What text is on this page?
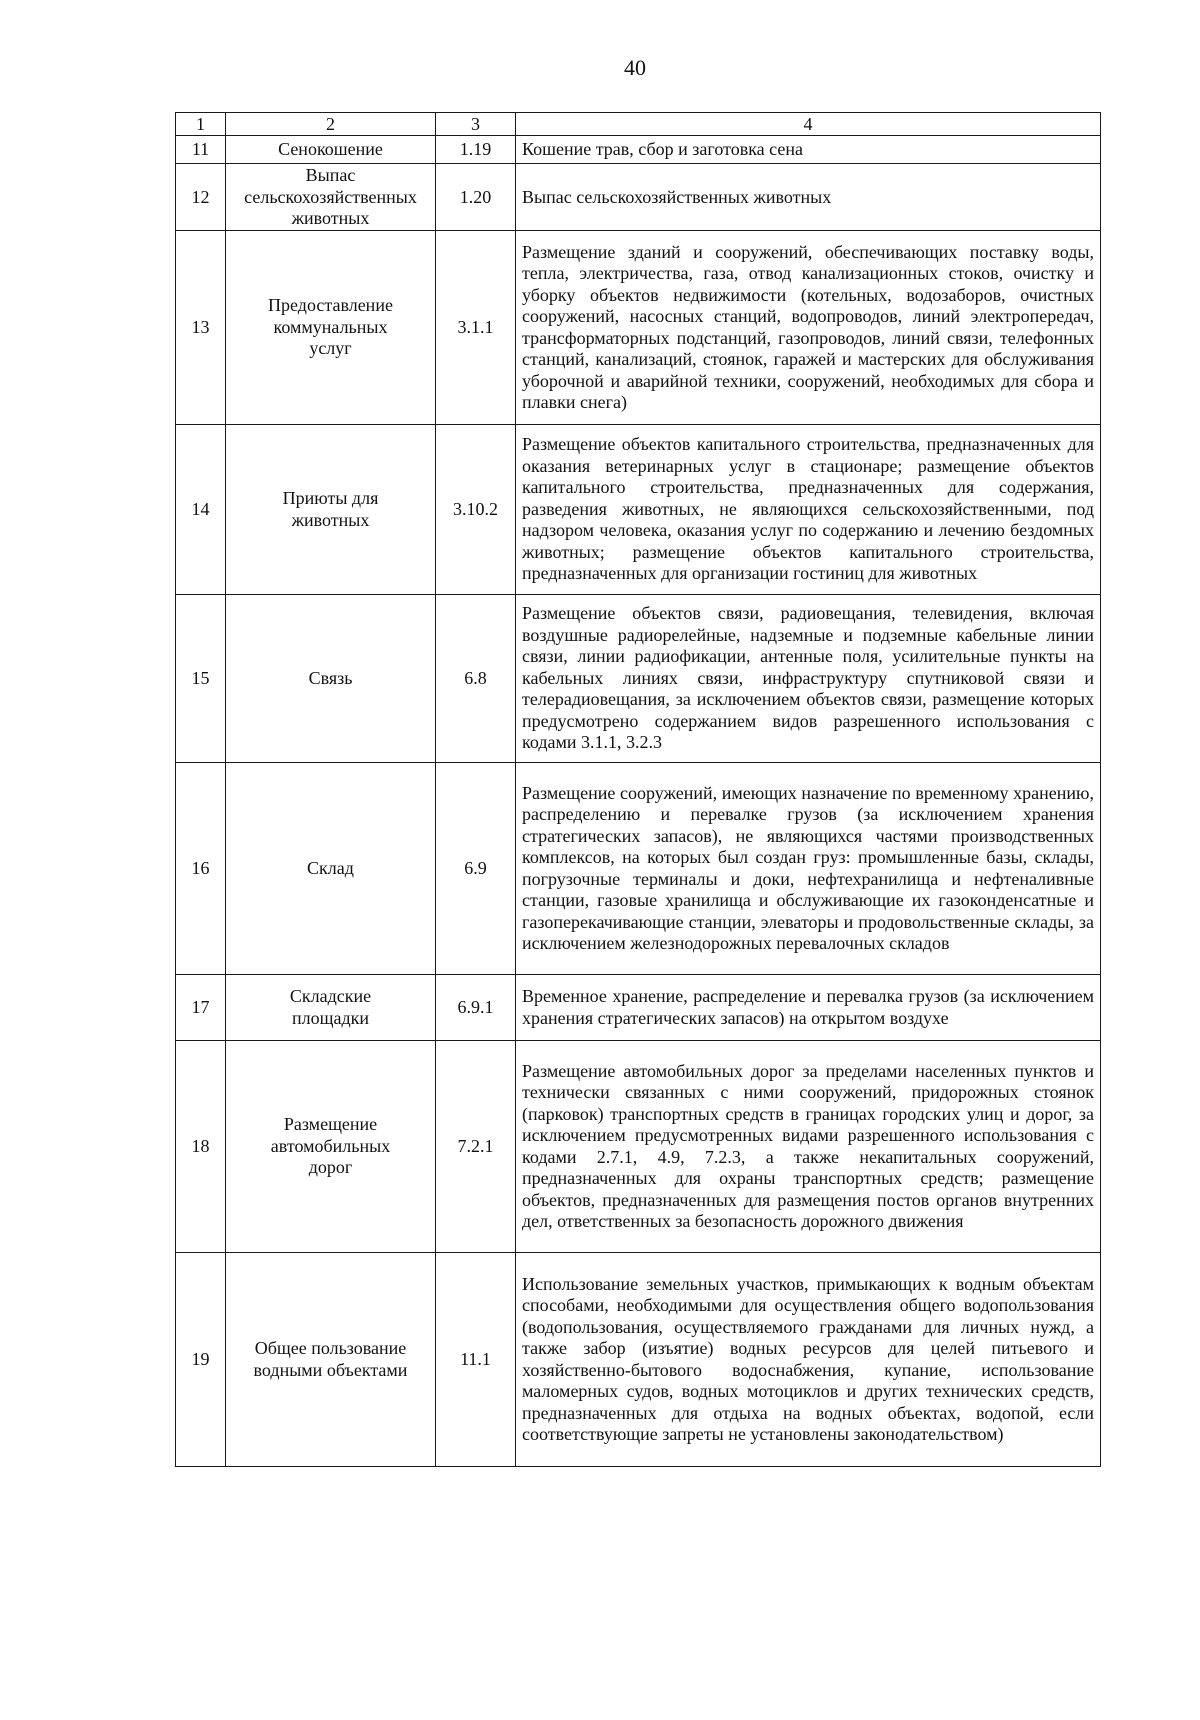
40
1	2	3	4
11	Сенокошение	1.19	Кошение трав, сбор и заготовка сена
12	Выпас сельскохозяйственных животных	1.20	Выпас сельскохозяйственных животных
13	Предоставление коммунальных услуг	3.1.1	Размещение зданий и сооружений, обеспечивающих поставку воды, тепла, электричества, газа, отвод канализационных стоков, очистку и уборку объектов недвижимости (котельных, водозаборов, очистных сооружений, насосных станций, водопроводов, линий электропередач, трансформаторных подстанций, газопроводов, линий связи, телефонных станций, канализаций, стоянок, гаражей и мастерских для обслуживания уборочной и аварийной техники, сооружений, необходимых для сбора и плавки снега)
14	Приюты для животных	3.10.2	Размещение объектов капитального строительства, предназначенных для оказания ветеринарных услуг в стационаре; размещение объектов капитального строительства, предназначенных для содержания, разведения животных, не являющихся сельскохозяйственными, под надзором человека, оказания услуг по содержанию и лечению бездомных животных; размещение объектов капитального строительства, предназначенных для организации гостиниц для животных
15	Связь	6.8	Размещение объектов связи, радиовещания, телевидения, включая воздушные радиорелейные, надземные и подземные кабельные линии связи, линии радиофикации, антенные поля, усилительные пункты на кабельных линиях связи, инфраструктуру спутниковой связи и телерадиовещания, за исключением объектов связи, размещение которых предусмотрено содержанием видов разрешенного использования с кодами 3.1.1, 3.2.3
16	Склад	6.9	Размещение сооружений, имеющих назначение по временному хранению, распределению и перевалке грузов (за исключением хранения стратегических запасов), не являющихся частями производственных комплексов, на которых был создан груз: промышленные базы, склады, погрузочные терминалы и доки, нефтехранилища и нефтеналивные станции, газовые хранилища и обслуживающие их газоконденсатные и газоперекачивающие станции, элеваторы и продовольственные склады, за исключением железнодорожных перевалочных складов
17	Складские площадки	6.9.1	Временное хранение, распределение и перевалка грузов (за исключением хранения стратегических запасов) на открытом воздухе
18	Размещение автомобильных дорог	7.2.1	Размещение автомобильных дорог за пределами населенных пунктов и технически связанных с ними сооружений, придорожных стоянок (парковок) транспортных средств в границах городских улиц и дорог, за исключением предусмотренных видами разрешенного использования с кодами 2.7.1, 4.9, 7.2.3, а также некапитальных сооружений, предназначенных для охраны транспортных средств; размещение объектов, предназначенных для размещения постов органов внутренних дел, ответственных за безопасность дорожного движения
19	Общее пользование водными объектами	11.1	Использование земельных участков, примыкающих к водным объектам способами, необходимыми для осуществления общего водопользования (водопользования, осуществляемого гражданами для личных нужд, а также забор (изъятие) водных ресурсов для целей питьевого и хозяйственно-бытового водоснабжения, купание, использование маломерных судов, водных мотоциклов и других технических средств, предназначенных для отдыха на водных объектах, водопой, если соответствующие запреты не установлены законодательством)
